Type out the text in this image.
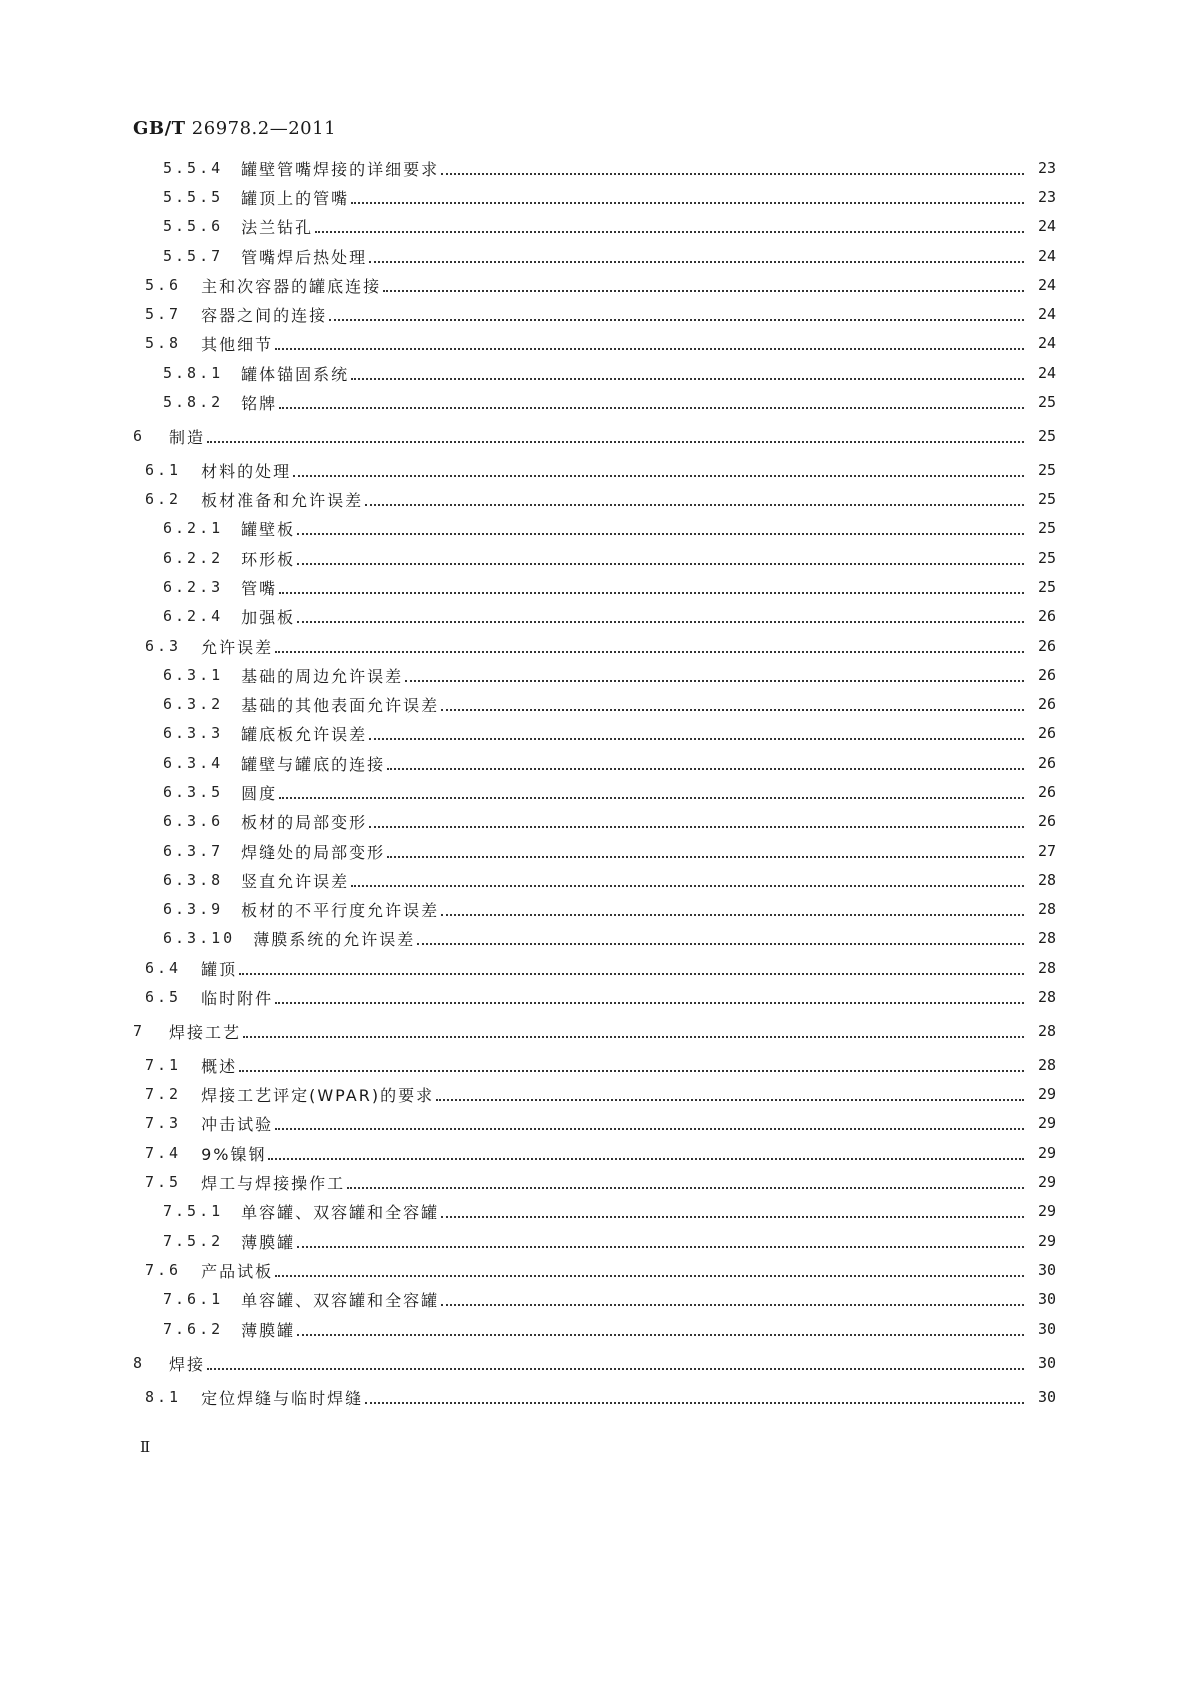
GB/T 26978.2—2011
5.5.4 罐壁管嘴焊接的详细要求	23
5.5.5 罐顶上的管嘴	23
5.5.6 法兰钻孔	24
5.5.7 管嘴焊后热处理	24
5.6 主和次容器的罐底连接	24
5.7 容器之间的连接	24
5.8 其他细节	24
5.8.1 罐体锚固系统	24
5.8.2 铭牌	25
6 制造	25
6.1 材料的处理	25
6.2 板材准备和允许误差	25
6.2.1 罐壁板	25
6.2.2 环形板	25
6.2.3 管嘴	25
6.2.4 加强板	26
6.3 允许误差	26
6.3.1 基础的周边允许误差	26
6.3.2 基础的其他表面允许误差	26
6.3.3 罐底板允许误差	26
6.3.4 罐壁与罐底的连接	26
6.3.5 圆度	26
6.3.6 板材的局部变形	26
6.3.7 焊缝处的局部变形	27
6.3.8 竖直允许误差	28
6.3.9 板材的不平行度允许误差	28
6.3.10 薄膜系统的允许误差	28
6.4 罐顶	28
6.5 临时附件	28
7 焊接工艺	28
7.1 概述	28
7.2 焊接工艺评定(WPAR)的要求	29
7.3 冲击试验	29
7.4 9%镍钢	29
7.5 焊工与焊接操作工	29
7.5.1 单容罐、双容罐和全容罐	29
7.5.2 薄膜罐	29
7.6 产品试板	30
7.6.1 单容罐、双容罐和全容罐	30
7.6.2 薄膜罐	30
8 焊接	30
8.1 定位焊缝与临时焊缝	30
Ⅱ
